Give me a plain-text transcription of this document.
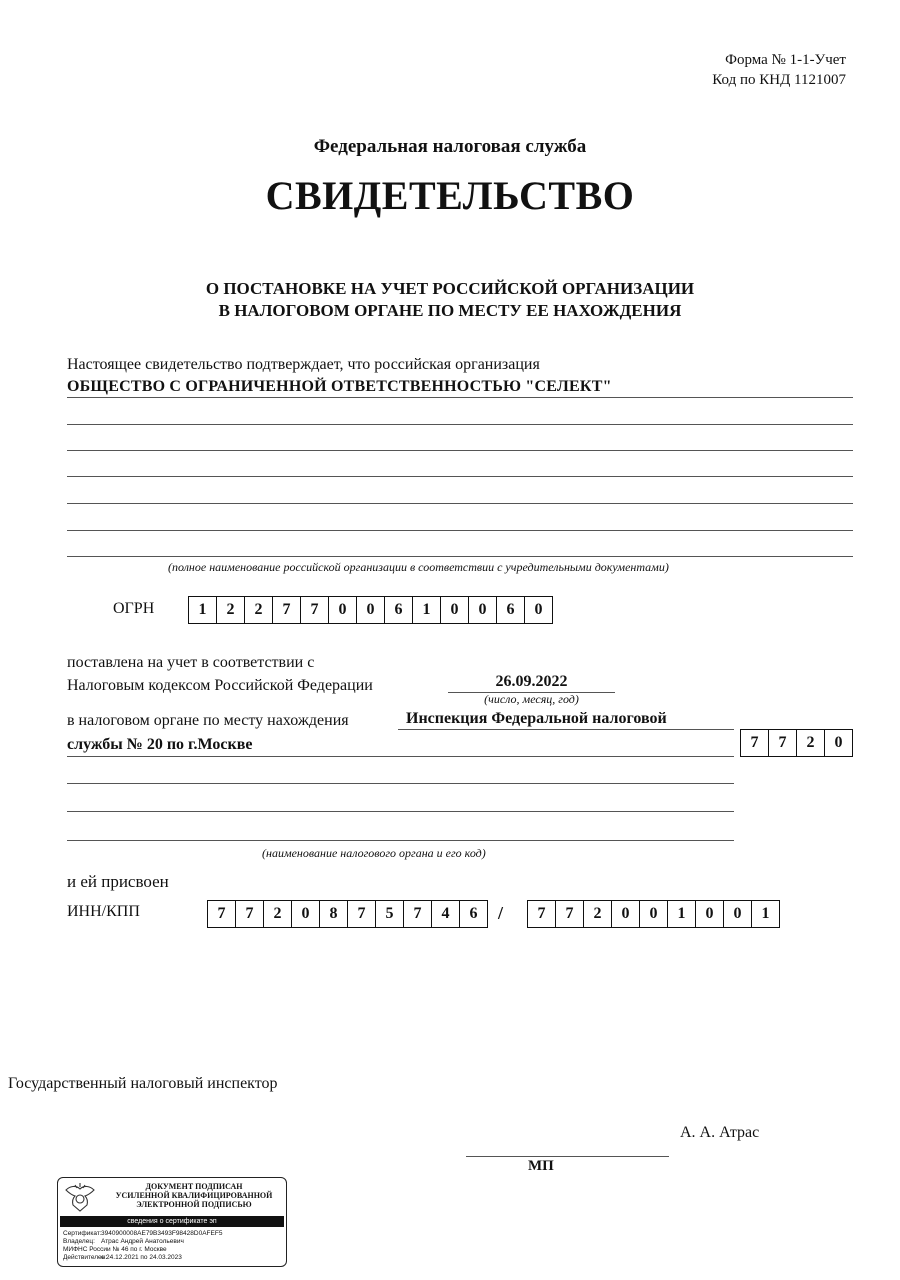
Форма № 1-1-Учет
Код по КНД 1121007
Федеральная налоговая служба
СВИДЕТЕЛЬСТВО
О ПОСТАНОВКЕ НА УЧЕТ РОССИЙСКОЙ ОРГАНИЗАЦИИ
В НАЛОГОВОМ ОРГАНЕ ПО МЕСТУ ЕЕ НАХОЖДЕНИЯ
Настоящее свидетельство подтверждает, что российская организация
ОБЩЕСТВО С ОГРАНИЧЕННОЙ ОТВЕТСТВЕННОСТЬЮ "СЕЛЕКТ"
(полное наименование российской организации в соответствии с учредительными документами)
ОГРН	1	2	2	7	7	0	0	6	1	0	0	6	0
поставлена на учет в соответствии с
Налоговым кодексом Российской Федерации	26.09.2022
(число, месяц, год)
в налоговом органе по месту нахождения	Инспекция Федеральной налоговой
службы № 20 по г.Москве	7	7	2	0
(наименование налогового органа и его код)
и ей присвоен
ИНН/КПП	7	7	2	0	8	7	5	7	4	6	/	7	7	2	0	0	1	0	0	1
Государственный налоговый инспектор
А. А. Атрас
МП
ДОКУМЕНТ ПОДПИСАН
УСИЛЕННОЙ КВАЛИФИЦИРОВАННОЙ
ЭЛЕКТРОННОЙ ПОДПИСЬЮ
сведения о сертификате эп
Сертификат:3940900008AE79B3493F98428D0AFEF5
Владелец: Атрас Андрей Анатольевич
МИФНС России № 46 по г. Москве
Действителен:с 24.12.2021 по 24.03.2023
